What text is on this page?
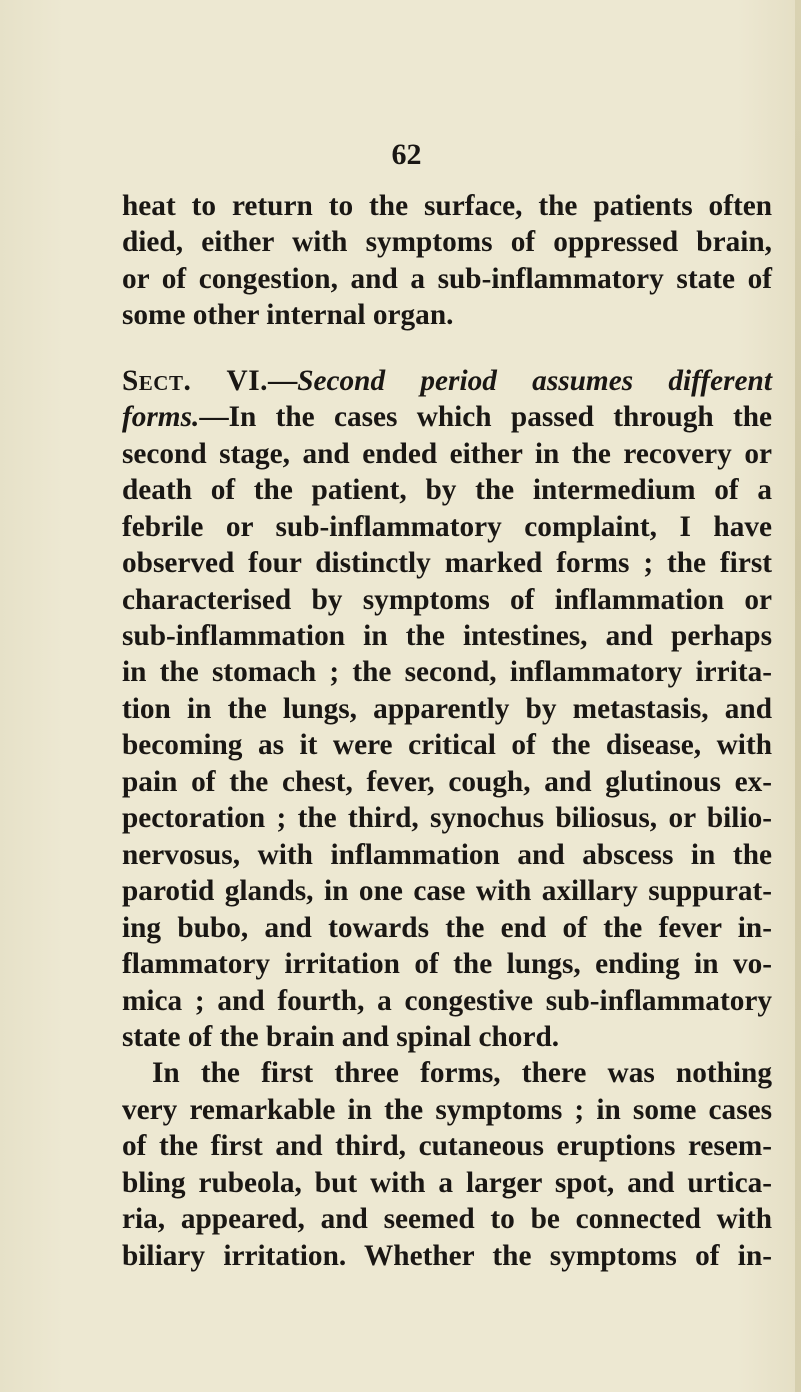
62
heat to return to the surface, the patients often
died, either with symptoms of oppressed brain,
or of congestion, and a sub-inflammatory state of
some other internal organ.
Sect. VI.—Second period assumes different
forms.—In the cases which passed through the
second stage, and ended either in the recovery or
death of the patient, by the intermedium of a
febrile or sub-inflammatory complaint, I have
observed four distinctly marked forms ; the first
characterised by symptoms of inflammation or
sub-inflammation in the intestines, and perhaps
in the stomach ; the second, inflammatory irrita-
tion in the lungs, apparently by metastasis, and
becoming as it were critical of the disease, with
pain of the chest, fever, cough, and glutinous ex-
pectoration ; the third, synochus biliosus, or bilio-
nervosus, with inflammation and abscess in the
parotid glands, in one case with axillary suppurat-
ing bubo, and towards the end of the fever in-
flammatory irritation of the lungs, ending in vo-
mica ; and fourth, a congestive sub-inflammatory
state of the brain and spinal chord.
In the first three forms, there was nothing
very remarkable in the symptoms ; in some cases
of the first and third, cutaneous eruptions resem-
bling rubeola, but with a larger spot, and urtica-
ria, appeared, and seemed to be connected with
biliary irritation. Whether the symptoms of in-
